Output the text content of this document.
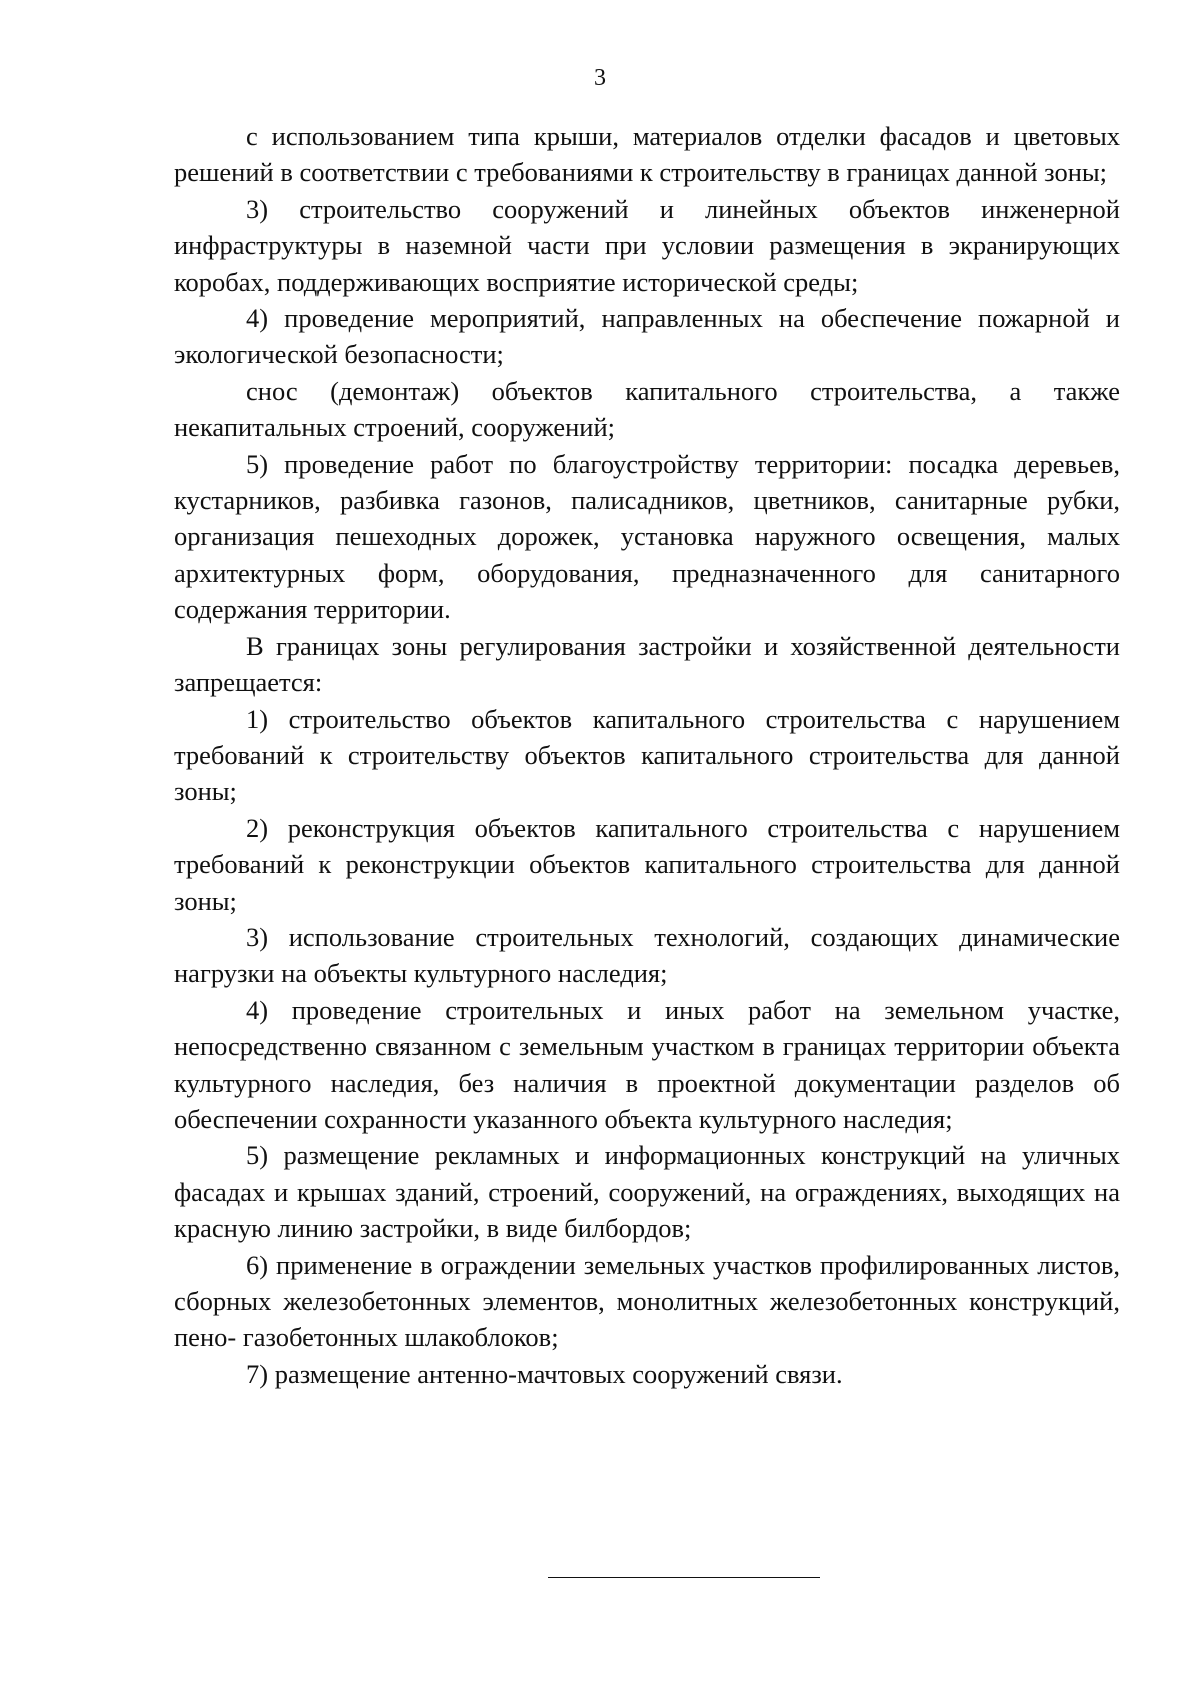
3

с использованием типа крыши, материалов отделки фасадов и цветовых решений в соответствии с требованиями к строительству в границах данной зоны;

3) строительство сооружений и линейных объектов инженерной инфраструктуры в наземной части при условии размещения в экранирующих коробах, поддерживающих восприятие исторической среды;

4) проведение мероприятий, направленных на обеспечение пожарной и экологической безопасности;

снос (демонтаж) объектов капитального строительства, а также некапитальных строений, сооружений;

5) проведение работ по благоустройству территории: посадка деревьев, кустарников, разбивка газонов, палисадников, цветников, санитарные рубки, организация пешеходных дорожек, установка наружного освещения, малых архитектурных форм, оборудования, предназначенного для санитарного содержания территории.

В границах зоны регулирования застройки и хозяйственной деятельности запрещается:

1) строительство объектов капитального строительства с нарушением требований к строительству объектов капитального строительства для данной зоны;

2) реконструкция объектов капитального строительства с нарушением требований к реконструкции объектов капитального строительства для данной зоны;

3) использование строительных технологий, создающих динамические нагрузки на объекты культурного наследия;

4) проведение строительных и иных работ на земельном участке, непосредственно связанном с земельным участком в границах территории объекта культурного наследия, без наличия в проектной документации разделов об обеспечении сохранности указанного объекта культурного наследия;

5) размещение рекламных и информационных конструкций на уличных фасадах и крышах зданий, строений, сооружений, на ограждениях, выходящих на красную линию застройки, в виде билбордов;

6) применение в ограждении земельных участков профилированных листов, сборных железобетонных элементов, монолитных железобетонных конструкций, пено- газобетонных шлакоблоков;

7) размещение антенно-мачтовых сооружений связи.
